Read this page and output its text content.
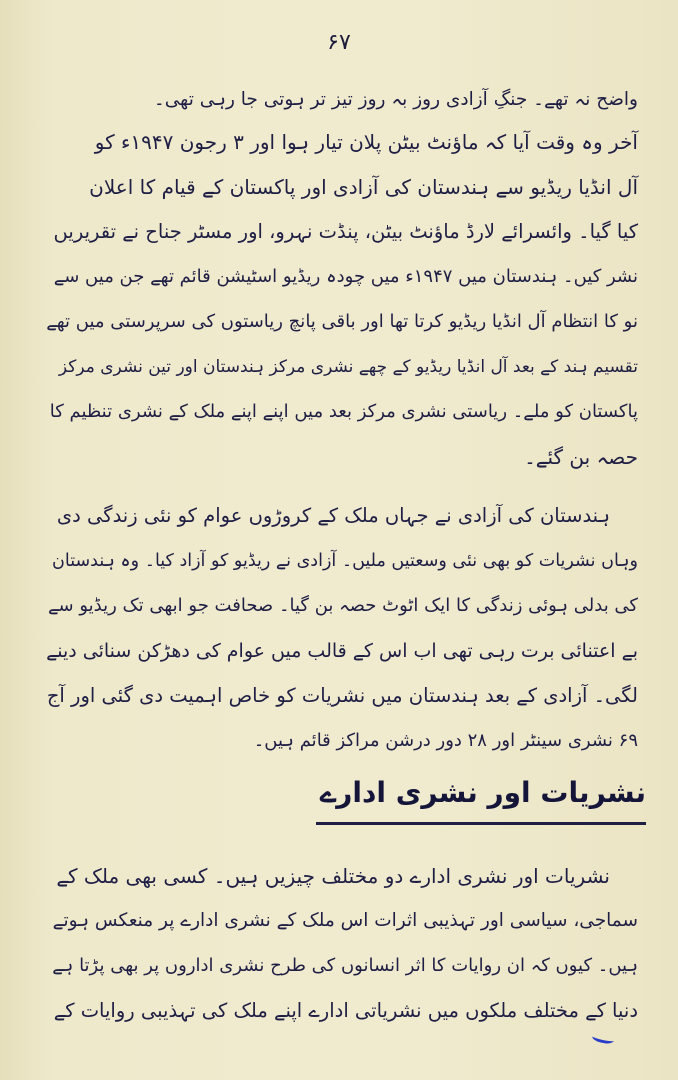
۶۷
واضح نہ تھے۔ جنگِ آزادی روز بہ روز تیز تر ہوتی جا رہی تھی۔
آخر وہ وقت آیا کہ ماؤنٹ بیٹن پلان تیار ہوا اور ۳ رجون ۱۹۴۷ء کو
آل انڈیا ریڈیو سے ہندستان کی آزادی اور پاکستان کے قیام کا اعلان
کیا گیا۔ وائسرائے لارڈ ماؤنٹ بیٹن، پنڈت نہرو، اور مسٹر جناح نے تقریریں
نشر کیں۔ ہندستان میں ۱۹۴۷ء میں چودہ ریڈیو اسٹیشن قائم تھے جن میں سے
نو کا انتظام آل انڈیا ریڈیو کرتا تھا اور باقی پانچ ریاستوں کی سرپرستی میں تھے
تقسیم ہند کے بعد آل انڈیا ریڈیو کے چھے نشری مرکز ہندستان اور تین نشری مرکز
پاکستان کو ملے۔ ریاستی نشری مرکز بعد میں اپنے اپنے ملک کے نشری تنظیم کا
حصہ بن گئے۔
ہندستان کی آزادی نے جہاں ملک کے کروڑوں عوام کو نئی زندگی دی
وہاں نشریات کو بھی نئی وسعتیں ملیں۔ آزادی نے ریڈیو کو آزاد کیا۔ وہ ہندستان
کی بدلی ہوئی زندگی کا ایک اٹوٹ حصہ بن گیا۔ صحافت جو ابھی تک ریڈیو سے
بے اعتنائی برت رہی تھی اب اس کے قالب میں عوام کی دھڑکن سنائی دینے
لگی۔ آزادی کے بعد ہندستان میں نشریات کو خاص اہمیت دی گئی اور آج
۶۹ نشری سینٹر اور ۲۸ دور درشن مراکز قائم ہیں۔
نشریات اور نشری ادارے
نشریات اور نشری ادارے دو مختلف چیزیں ہیں۔ کسی بھی ملک کے
سماجی، سیاسی اور تہذیبی اثرات اس ملک کے نشری ادارے پر منعکس ہوتے
ہیں۔ کیوں کہ ان روایات کا اثر انسانوں کی طرح نشری اداروں پر بھی پڑتا ہے
دنیا کے مختلف ملکوں میں نشریاتی ادارے اپنے ملک کی تہذیبی روایات کے
